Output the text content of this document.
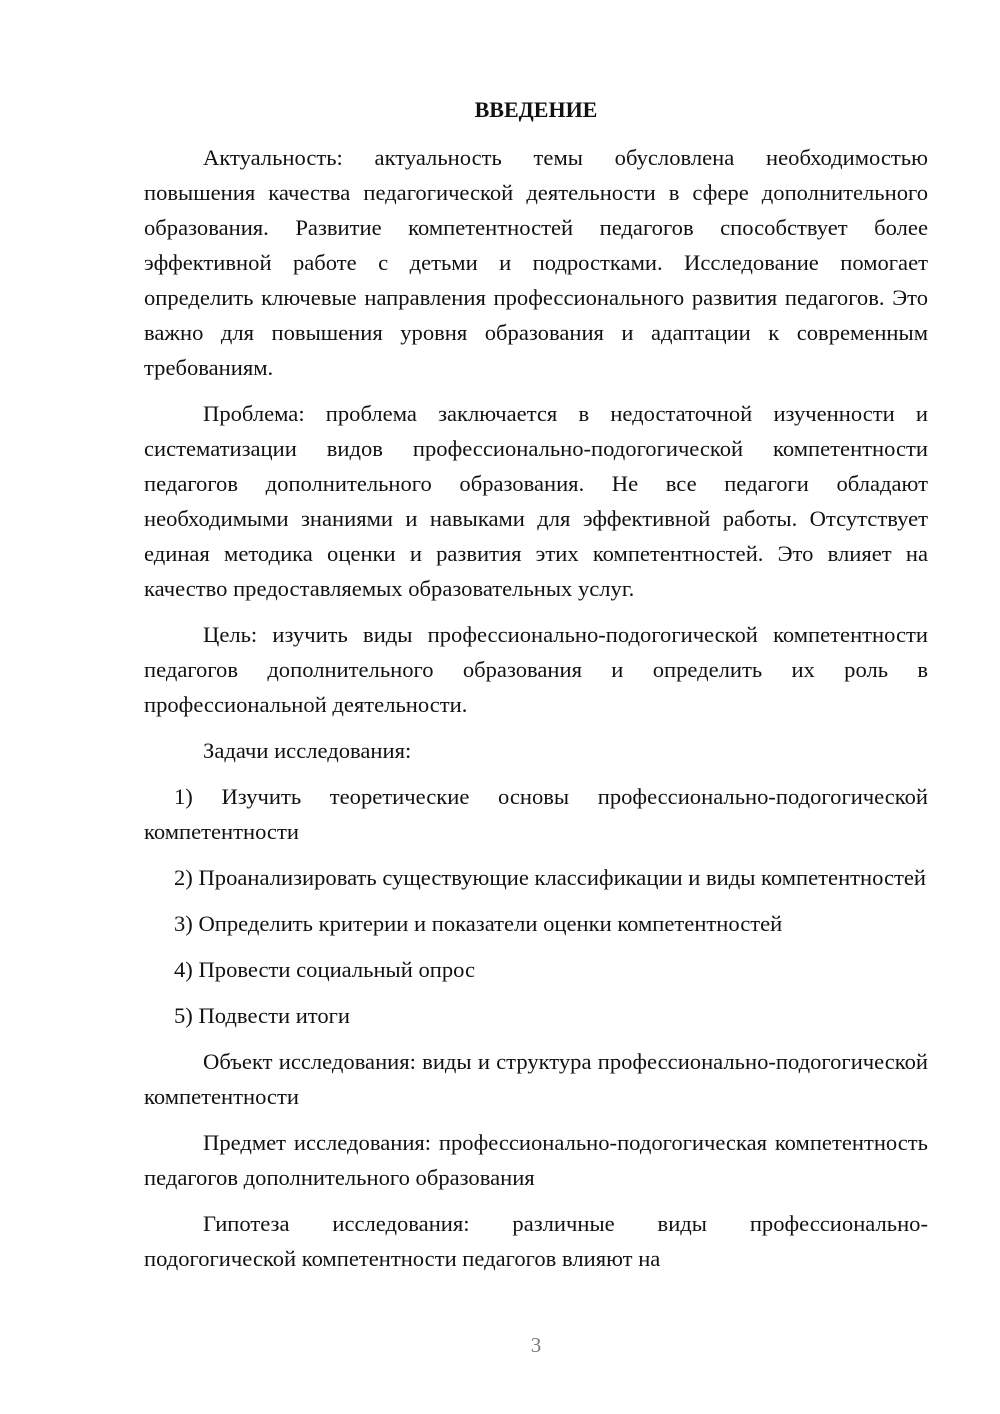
ВВЕДЕНИЕ

Актуальность: актуальность темы обусловлена необходимостью повышения качества педагогической деятельности в сфере дополнительного образования. Развитие компетентностей педагогов способствует более эффективной работе с детьми и подростками. Исследование помогает определить ключевые направления профессионального развития педагогов. Это важно для повышения уровня образования и адаптации к современным требованиям.

Проблема: проблема заключается в недостаточной изученности и систематизации видов профессионально-подогогической компетентности педагогов дополнительного образования. Не все педагоги обладают необходимыми знаниями и навыками для эффективной работы. Отсутствует единая методика оценки и развития этих компетентностей. Это влияет на качество предоставляемых образовательных услуг.

Цель: изучить виды профессионально-подогогической компетентности педагогов дополнительного образования и определить их роль в профессиональной деятельности.

Задачи исследования:

1) Изучить теоретические основы профессионально-подогогической компетентности

2) Проанализировать существующие классификации и виды компетентностей

3) Определить критерии и показатели оценки компетентностей

4) Провести социальный опрос

5) Подвести итоги

Объект исследования: виды и структура профессионально-подогогической компетентности

Предмет исследования: профессионально-подогогическая компетентность педагогов дополнительного образования

Гипотеза исследования: различные виды профессионально-подогогической компетентности педагогов влияют на

3
